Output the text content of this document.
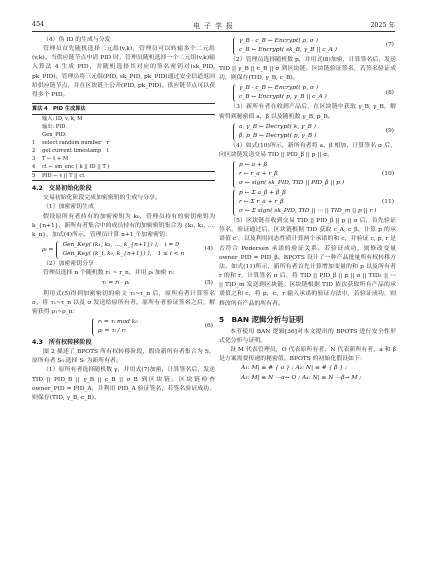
454	电 子 学 报	2025 年

（4）伪 ID 的生成与分发

管理员首先随机选择二元组(v,k)，管理员可以转输多个二元组(v,k)。当供应链节点申请 PID 时，管理员随机选择一个二元组(v,k)输入算法 4 生成 PID，并随机选择其对应的签名密钥对(sk_PID, pk_PID)。管理员将三元组(PID, sk_PID, pk_PID)通过安全信道返回给供应链节点，并在区块链上公开(PID, pk_PID)。供应链节点可以获得多个 PID。

算法 4　PID 生成算法
输入: ID, v, k, M
输出: PID
Gen_PID:
1 select random number　r
2 get current timestamp　t
3 T ← t + M
4 ct ← sm_enc ( k || ID || T )
5 PID ← v || T || ct
4.2　交易初始化阶段

交易初始化阶段完成加密密钥的生成与分享。

（1）加密密钥生成

假设原所有者持有的加密密钥为 k₀，管理员持有的密钥密钥为 k_{n+1}，新所有者集合中的成员持有的加密密钥集合为 {k₁, k₂, …, k_n}，加式(4)所示，管理员计算 n+1 个加密密钥：

ρᵢ =
Gen_Key( (k₁, k₂, …, k_{n+1}) ),　i = 0
Gen_Key( (k_i, k₀, k_{n+1}) ),　1 ≤ i < n
(4)

（2）加密密钥分享

管理员选择 n 个随机数 r₁ ~ r_n，并用 ρᵢ 加密 rᵢ：

τᵢ = rᵢ · ρᵢ	(5)

利用式(5)得到加密密钥的密文 τ₁~τ_n 后，原所有者计算签名 σ，将 τ₁~τ_n 以及 σ 发送给原所有者，原所有者验证签名之后，解密获得 ρ₁~ρ_n：

rᵢ = τᵢ mod k₀
ρᵢ = τᵢ / rᵢ
(6)
4.3　所有权转移阶段

图 2 描述了 BPOTS 所有权转移阶段，假设新所有者集合为 S，原所有者 S₀ 选择 Sᵢ 为新所有者。

（1）原所有者选择随机数 γ，并用式(7)加密，计算签名后，发送 TID || PID_B || γ_B || c_B || σ_B 到区块链。区块链检查 owner_PID = PID_A，并利用 PID_A 验证签名，若签名验证成功，则保存(TID, γ_B, c_B)。

γ_B · c_B ← Encrypt( ρ, σ )
c_B ← Encrypt( sk_B, γ_B || c_A )
(7)

（2）管理员选择随机数 p，并用式(8)加密，计算签名后，发送 TID || γ_B || c_B || σ 到区块链。区块链验证签名，若签名验证成功，则保存(TID, γ_B, c_B)。

γ_B · c_B ← Encrypt( p, σ )
c_B ← Encrypt( p, γ_B || c_A )
(8)

（3）新所有者在收到产品后，在区块链中获取 γ_B, γ_B，解密得到秘密值 a，β 以及随机数 γ_B, p_B。

a, γ_B ← Decrypt( k, γ_B )
β, p_B ← Decrypt( p, γ_B )
(9)

（4）如式(10)所示，新所有者将 a、β 相加，计算签名 σ 后，向区块链发送交易 TID || PID_β || p || σ。

p ← a + β
r ← r_a + r_β
σ ← sign( sk_PID, TID || PID_β || p )
(10)
p ← Σ a_β + β_β
r ← Σ r_a + r_β
σ ← Σ sign( sk_PID, TID || ⋯ || TID_m || p || r )
(11)

（5）区块链在收到交易 TID || PID_β || p || σ 后，首先验证签名，验证通过后，区块链根据 TID 获取 c_A, c_β，计算 p 的承诺值 c'，以及利用同态性质计算两个承诺的和 c，并验证 c, p, r 是否符合 Pedersen 承诺的验证关系。若验证成功，则修改变量 owner_PID = PID_β。BPOTS 设计了一种产品批量所有权转移方法。如式(11)所示，新所有者首先计算增加变量的和 p 以及所有者 r 的和 r，计算签名 σ 后，将 TID || PID_β || p || σ || TID₁ || ⋯ || TID_m 发送到区块链。区块链根据 TID 依次获取所有产品的承诺值之和 c，将 p，c，r 输入承诺的验证方法中，若验证成功，则修改所有产品的所有者。

5　BAN 逻辑分析与证明

本节使用 BAN 逻辑[36]对本文提出的 BPOTS 进行安全性形式化分析与证明。

设 M 代表管理员，O 代表原所有者，N 代表新所有者，a 和 β 是方案需要传递的秘密值。BPOTS 的初始化假设如下：

A₁: M| ≡ # { a } ; A₂: N| ≡ # { β } ;

A₃: M| ≡ N —a→ O ; A₄: N| ≡ N —β→ M ;
